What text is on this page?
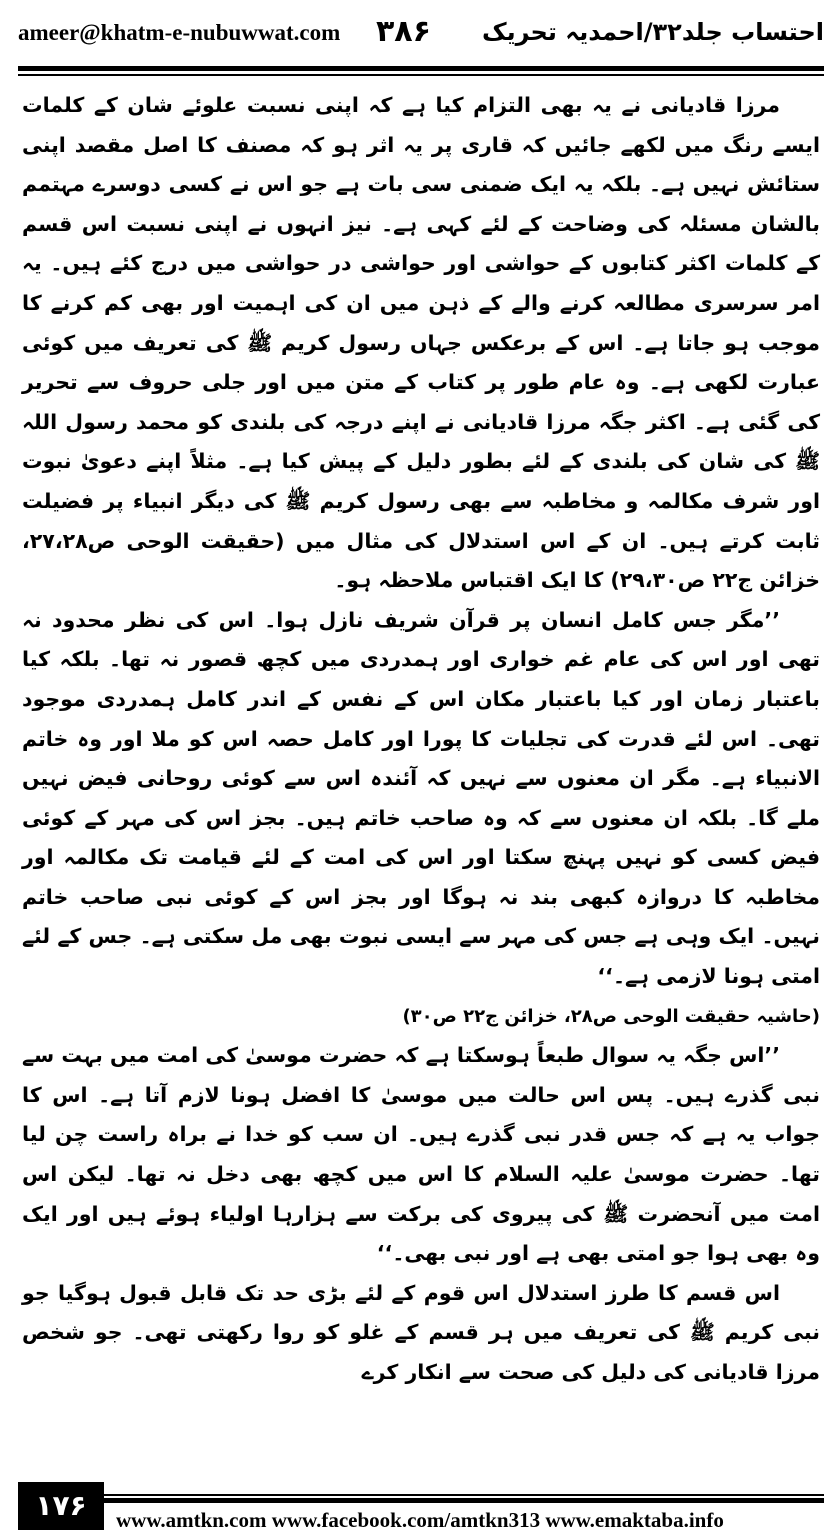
ameer@khatm-e-nubuwwat.com ۳۸۶ احتساب جلد۳۲/احمدیہ تحریک

مرزا قادیانی نے یہ بھی التزام کیا ہے کہ اپنی نسبت علوئے شان کے کلمات ایسے رنگ میں لکھے جائیں کہ قاری پر یہ اثر ہو کہ مصنف کا اصل مقصد اپنی ستائش نہیں ہے۔ بلکہ یہ ایک ضمنی سی بات ہے جو اس نے کسی دوسرے مہتمم بالشان مسئلہ کی وضاحت کے لئے کہی ہے۔ نیز انہوں نے اپنی نسبت اس قسم کے کلمات اکثر کتابوں کے حواشی اور حواشی در حواشی میں درج کئے ہیں۔ یہ امر سرسری مطالعہ کرنے والے کے ذہن میں ان کی اہمیت اور بھی کم کرنے کا موجب ہو جاتا ہے۔ اس کے برعکس جہاں رسول کریم ﷺ کی تعریف میں کوئی عبارت لکھی ہے۔ وہ عام طور پر کتاب کے متن میں اور جلی حروف سے تحریر کی گئی ہے۔ اکثر جگہ مرزا قادیانی نے اپنے درجہ کی بلندی کو محمد رسول اللہ ﷺ کی شان کی بلندی کے لئے بطور دلیل کے پیش کیا ہے۔ مثلاً اپنے دعویٰ نبوت اور شرف مکالمہ و مخاطبہ سے بھی رسول کریم ﷺ کی دیگر انبیاء پر فضیلت ثابت کرتے ہیں۔ ان کے اس استدلال کی مثال میں (حقیقت الوحی ص۲۷،۲۸، خزائن ج۲۲ ص۲۹،۳۰) کا ایک اقتباس ملاحظہ ہو۔

’’مگر جس کامل انسان پر قرآن شریف نازل ہوا۔ اس کی نظر محدود نہ تھی اور اس کی عام غم خواری اور ہمدردی میں کچھ قصور نہ تھا۔ بلکہ کیا باعتبار زمان اور کیا باعتبار مکان اس کے نفس کے اندر کامل ہمدردی موجود تھی۔ اس لئے قدرت کی تجلیات کا پورا اور کامل حصہ اس کو ملا اور وہ خاتم الانبیاء ہے۔ مگر ان معنوں سے نہیں کہ آئندہ اس سے کوئی روحانی فیض نہیں ملے گا۔ بلکہ ان معنوں سے کہ وہ صاحب خاتم ہیں۔ بجز اس کی مہر کے کوئی فیض کسی کو نہیں پہنچ سکتا اور اس کی امت کے لئے قیامت تک مکالمہ اور مخاطبہ کا دروازہ کبھی بند نہ ہوگا اور بجز اس کے کوئی نبی صاحب خاتم نہیں۔ ایک وہی ہے جس کی مہر سے ایسی نبوت بھی مل سکتی ہے۔ جس کے لئے امتی ہونا لازمی ہے۔‘‘

(حاشیہ حقیقت الوحی ص۲۸، خزائن ج۲۲ ص۳۰)

’’اس جگہ یہ سوال طبعاً ہوسکتا ہے کہ حضرت موسیٰ کی امت میں بہت سے نبی گذرے ہیں۔ پس اس حالت میں موسیٰ کا افضل ہونا لازم آتا ہے۔ اس کا جواب یہ ہے کہ جس قدر نبی گذرے ہیں۔ ان سب کو خدا نے براہ راست چن لیا تھا۔ حضرت موسیٰ علیہ السلام کا اس میں کچھ بھی دخل نہ تھا۔ لیکن اس امت میں آنحضرت ﷺ کی پیروی کی برکت سے ہزارہا اولیاء ہوئے ہیں اور ایک وہ بھی ہوا جو امتی بھی ہے اور نبی بھی۔‘‘

اس قسم کا طرز استدلال اس قوم کے لئے بڑی حد تک قابل قبول ہوگیا جو نبی کریم ﷺ کی تعریف میں ہر قسم کے غلو کو روا رکھتی تھی۔ جو شخص مرزا قادیانی کی دلیل کی صحت سے انکار کرے

۱۷۶	www.amtkn.com www.facebook.com/amtkn313 www.emaktaba.info
